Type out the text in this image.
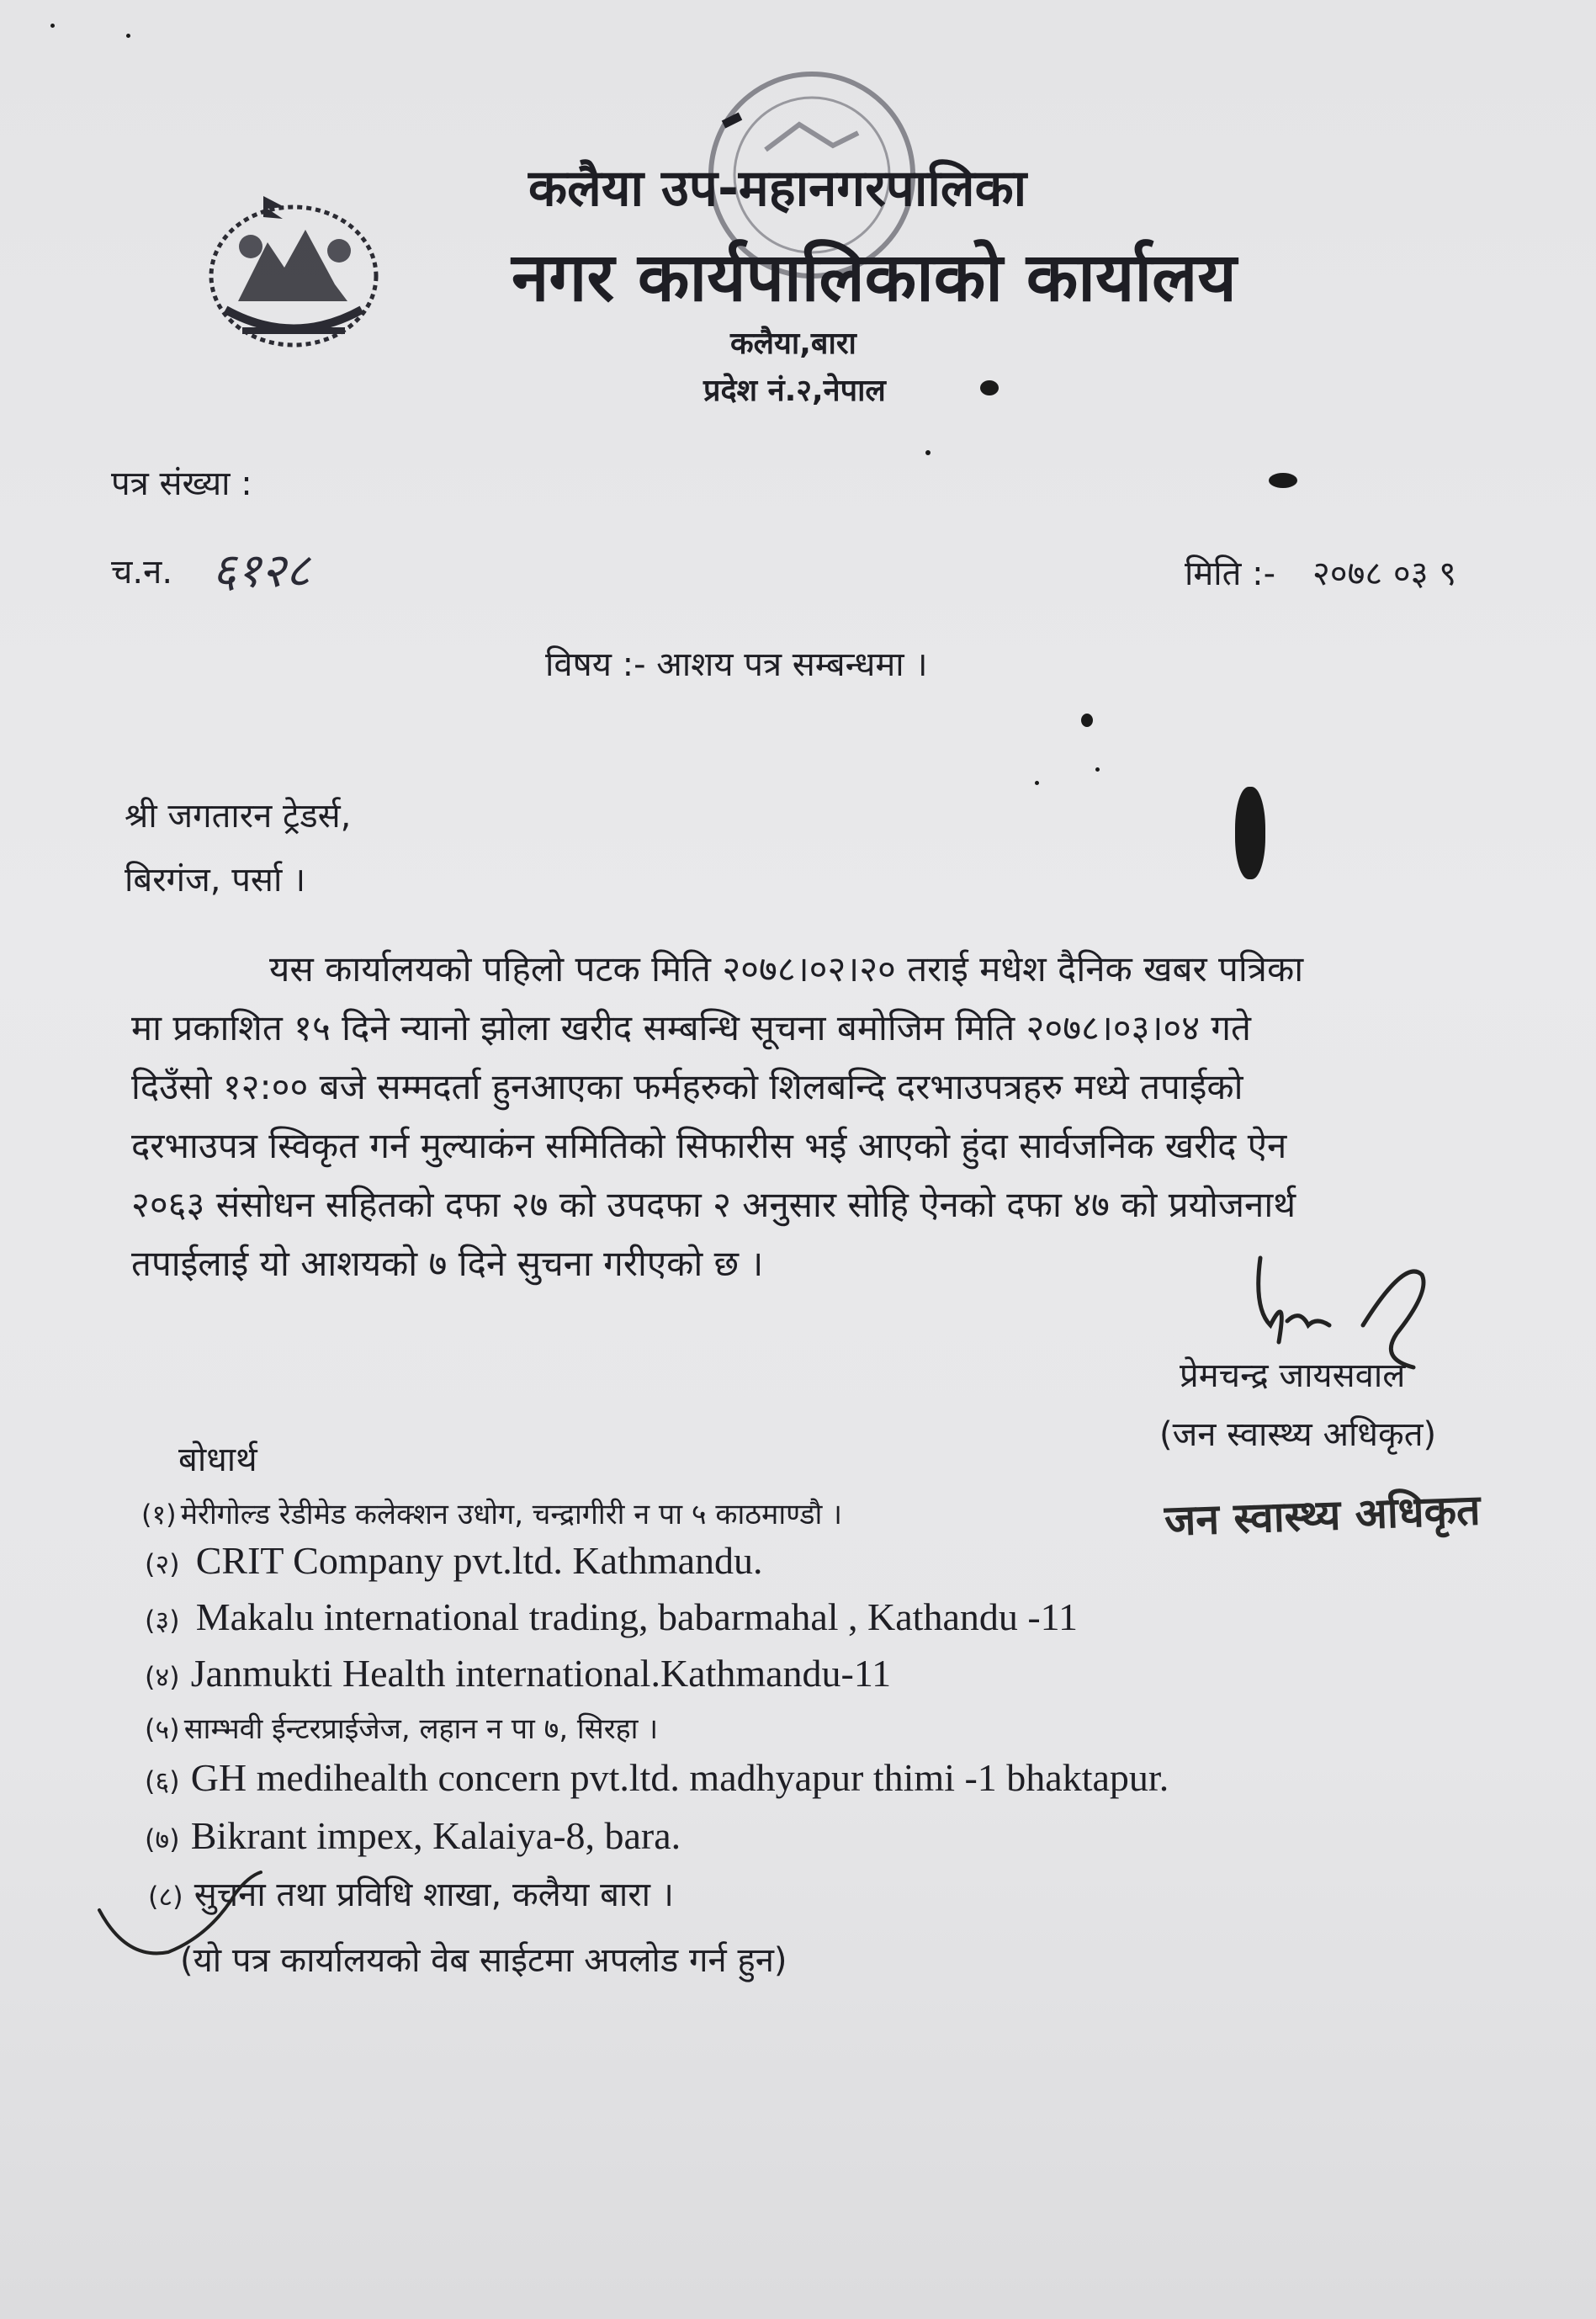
कलैया उप-महानगरपालिका
नगर कार्यपालिकाको कार्यालय
कलैया,बारा
प्रदेश नं.२,नेपाल
पत्र संख्या :
च.न. ६१२८	मिति :- २०७८ ०३ ९
विषय :- आशय पत्र सम्बन्धमा ।
श्री जगतारन ट्रेडर्स,
बिरगंज, पर्सा ।
यस कार्यालयको पहिलो पटक मिति २०७८।०२।२० तराई मधेश दैनिक खबर पत्रिका
मा प्रकाशित १५ दिने न्यानो झोला खरीद सम्बन्धि सूचना बमोजिम मिति २०७८।०३।०४ गते
दिउँसो १२:०० बजे सम्मदर्ता हुनआएका फर्महरुको शिलबन्दि दरभाउपत्रहरु मध्ये तपाईको
दरभाउपत्र स्विकृत गर्न मुल्याकंन समितिको सिफारीस भई आएको हुंदा सार्वजनिक खरीद ऐन
२०६३ संसोधन सहितको दफा २७ को उपदफा २ अनुसार सोहि ऐनको दफा ४७ को प्रयोजनार्थ
तपाईलाई यो आशयको ७ दिने सुचना गरीएको छ ।
प्रेमचन्द्र जायसवाल
(जन स्वास्थ्य अधिकृत)
जन स्वास्थ्य अधिकृत
बोधार्थ
(१) मेरीगोल्ड रेडीमेड कलेक्शन उधोग, चन्द्रागीरी न पा ५ काठमाण्डौ ।
(२) CRIT Company pvt.ltd. Kathmandu.
(३) Makalu international trading, babarmahal , Kathandu -11
(४) Janmukti Health international.Kathmandu-11
(५) साम्भवी ईन्टरप्राईजेज, लहान न पा ७, सिरहा ।
(६) GH medihealth concern pvt.ltd. madhyapur thimi -1 bhaktapur.
(७) Bikrant impex, Kalaiya-8, bara.
(८) सुचना तथा प्रविधि शाखा, कलैया बारा ।
(यो पत्र कार्यालयको वेब साईटमा अपलोड गर्न हुन)
